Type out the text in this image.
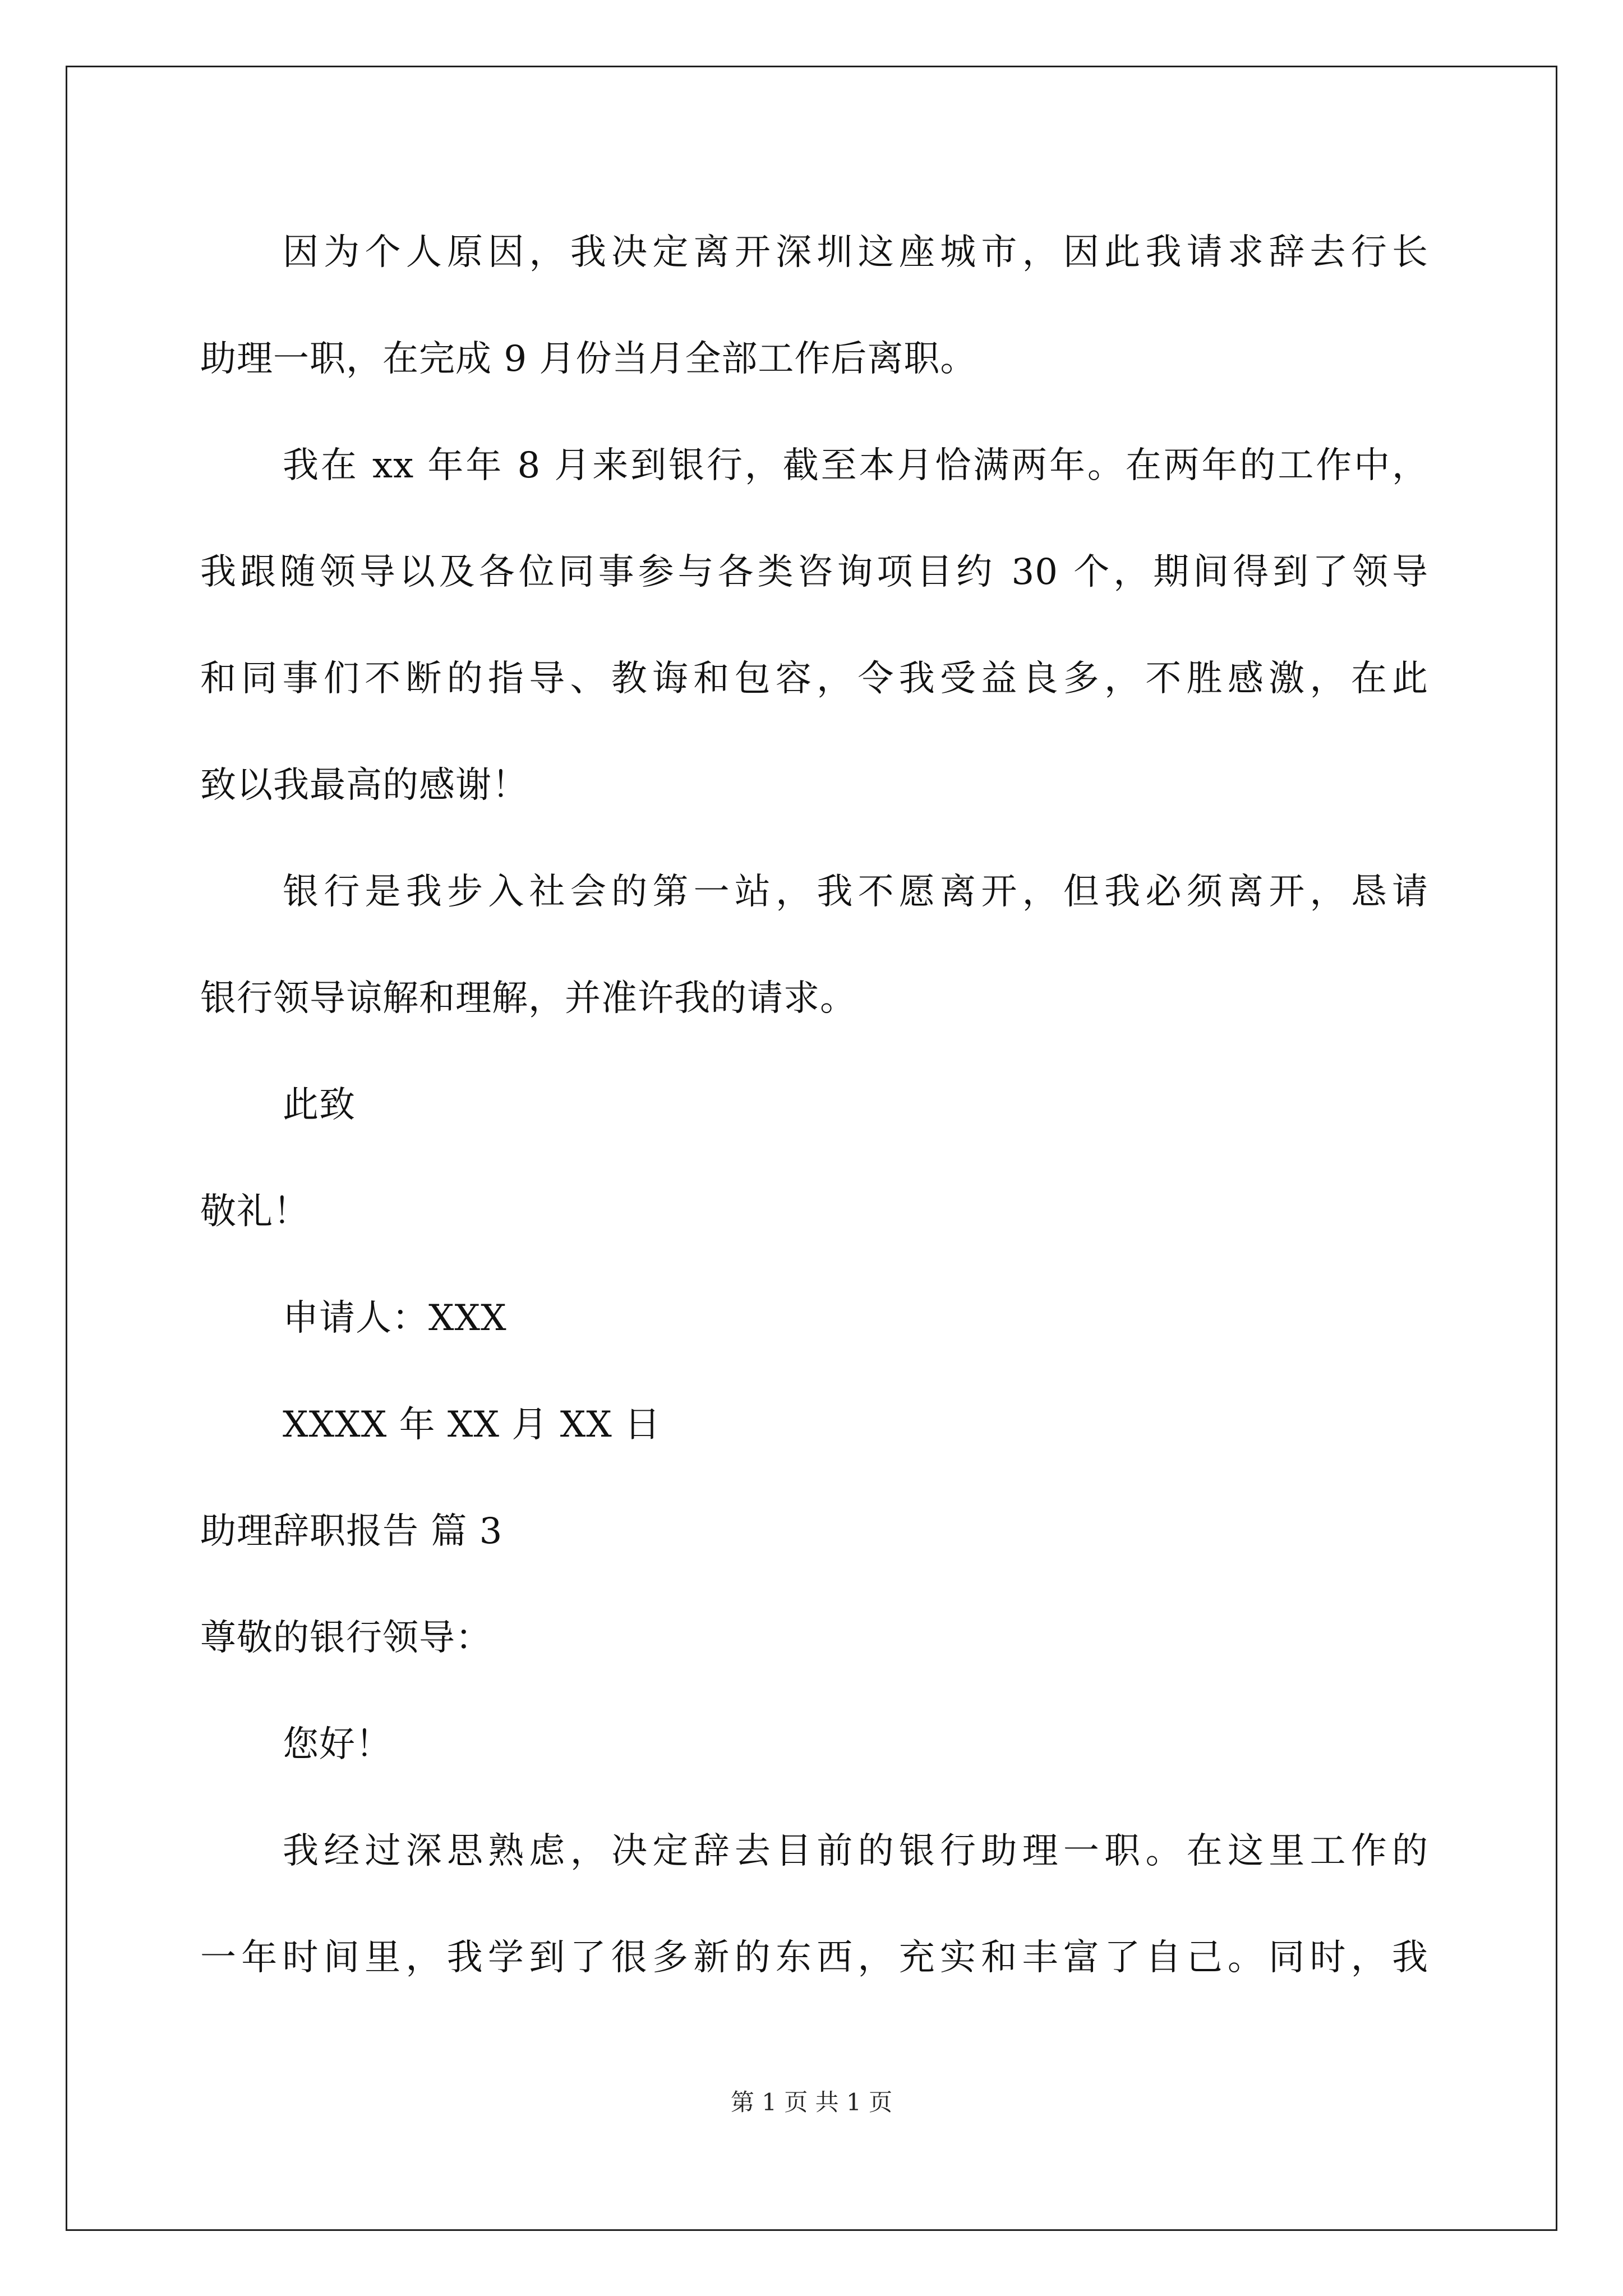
因为个人原因，我决定离开深圳这座城市，因此我请求辞去行长
助理一职，在完成 9 月份当月全部工作后离职。
我在 xx 年年 8 月来到银行，截至本月恰满两年。在两年的工作中，
我跟随领导以及各位同事参与各类咨询项目约 30 个，期间得到了领导
和同事们不断的指导、教诲和包容，令我受益良多，不胜感激，在此
致以我最高的感谢！
银行是我步入社会的第一站，我不愿离开，但我必须离开，恳请
银行领导谅解和理解，并准许我的请求。
此致
敬礼！
申请人：XXX
XXXX 年 XX 月 XX 日
助理辞职报告 篇 3
尊敬的银行领导：
您好！
我经过深思熟虑，决定辞去目前的银行助理一职。在这里工作的
一年时间里，我学到了很多新的东西，充实和丰富了自己。同时，我
第 1 页 共 1 页
